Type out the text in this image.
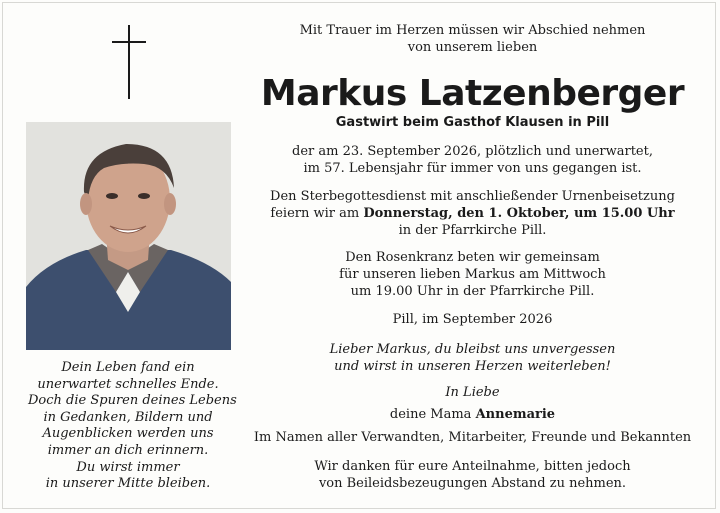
Dein Leben fand ein
unerwartet schnelles Ende.
Doch die Spuren deines Lebens
in Gedanken, Bildern und
Augenblicken werden uns
immer an dich erinnern.
Du wirst immer
in unserer Mitte bleiben.
Mit Trauer im Herzen müssen wir Abschied nehmen
von unserem lieben
Markus Latzenberger
Gastwirt beim Gasthof Klausen in Pill
der am 23. September 2026, plötzlich und unerwartet,
im 57. Lebensjahr für immer von uns gegangen ist.
Den Sterbegottesdienst mit anschließender Urnenbeisetzung
feiern wir am Donnerstag, den 1. Oktober, um 15.00 Uhr
in der Pfarrkirche Pill.
Den Rosenkranz beten wir gemeinsam
für unseren lieben Markus am Mittwoch
um 19.00 Uhr in der Pfarrkirche Pill.
Pill, im September 2026
Lieber Markus, du bleibst uns unvergessen
und wirst in unseren Herzen weiterleben!
In Liebe
deine Mama Annemarie
Im Namen aller Verwandten, Mitarbeiter, Freunde und Bekannten
Wir danken für eure Anteilnahme, bitten jedoch
von Beileidsbezeugungen Abstand zu nehmen.
